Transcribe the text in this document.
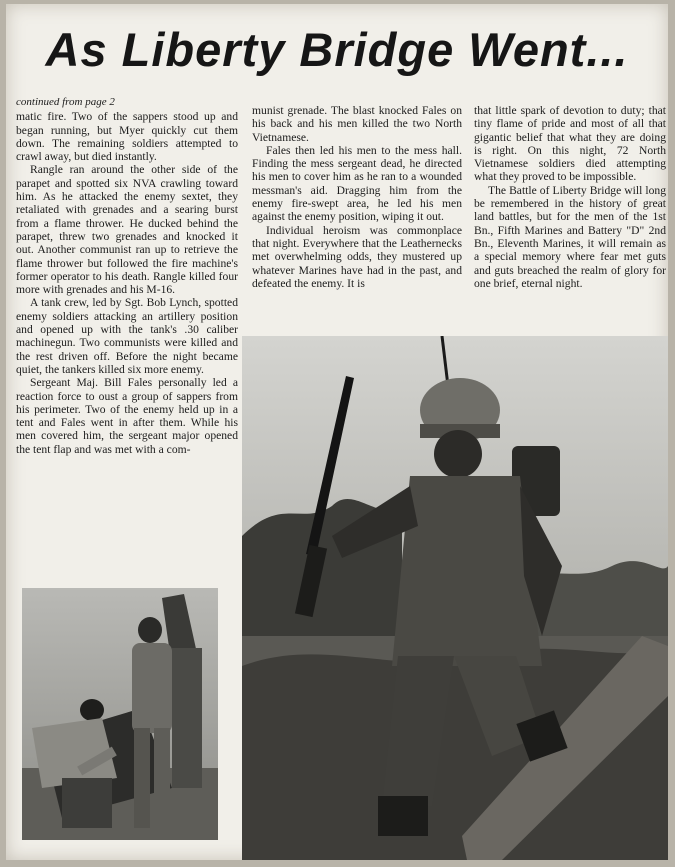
As Liberty Bridge Went...
continued from page 2

matic fire. Two of the sappers stood up and began running, but Myer quickly cut them down. The remaining soldiers attempted to crawl away, but died instantly.

Rangle ran around the other side of the parapet and spotted six NVA crawling toward him. As he attacked the enemy sextet, they retaliated with grenades and a searing burst from a flame thrower. He ducked behind the parapet, threw two grenades and knocked it out. Another communist ran up to retrieve the flame thrower but followed the fire machine's former operator to his death. Rangle killed four more with grenades and his M-16.

A tank crew, led by Sgt. Bob Lynch, spotted enemy soldiers attacking an artillery position and opened up with the tank's .30 caliber machinegun. Two communists were killed and the rest driven off. Before the night became quiet, the tankers killed six more enemy.

Sergeant Maj. Bill Fales personally led a reaction force to oust a group of sappers from his perimeter. Two of the enemy held up in a tent and Fales went in after them. While his men covered him, the sergeant major opened the tent flap and was met with a com-

munist grenade. The blast knocked Fales on his back and his men killed the two North Vietnamese.

Fales then led his men to the mess hall. Finding the mess sergeant dead, he directed his men to cover him as he ran to a wounded messman's aid. Dragging him from the enemy fire-swept area, he led his men against the enemy position, wiping it out.

Individual heroism was commonplace that night. Everywhere that the Leathernecks met overwhelming odds, they mustered up whatever Marines have had in the past, and defeated the enemy. It is

that little spark of devotion to duty; that tiny flame of pride and most of all that gigantic belief that what they are doing is right. On this night, 72 North Vietnamese soldiers died attempting what they proved to be impossible.

The Battle of Liberty Bridge will long be remembered in the history of great land battles, but for the men of the 1st Bn., Fifth Marines and Battery "D" 2nd Bn., Eleventh Marines, it will remain as a special memory where fear met guts and guts breached the realm of glory for one brief, eternal night.
